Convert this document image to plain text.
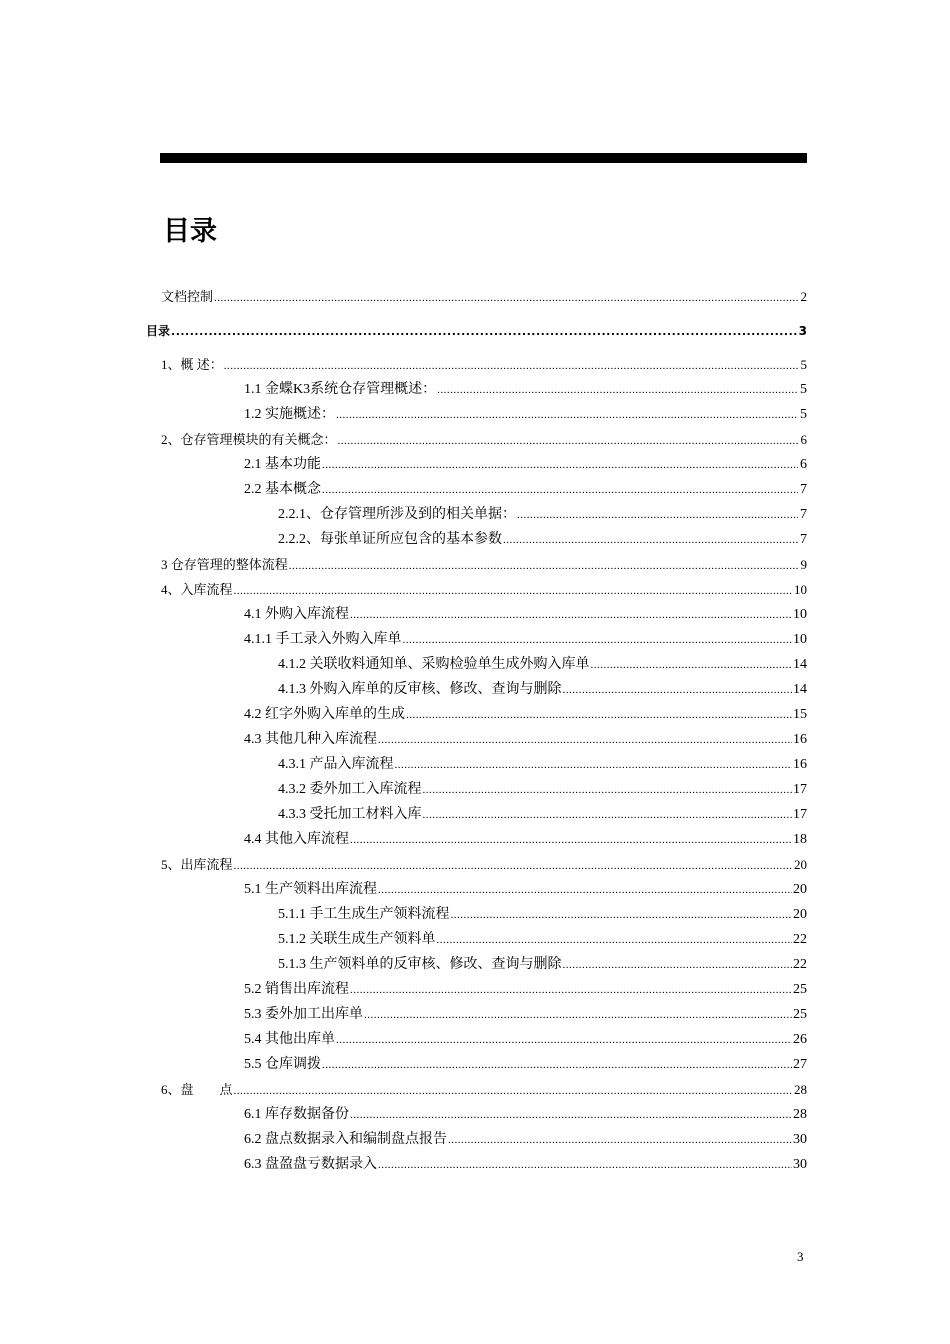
目录
文档控制 .....	2
目录 .....	3
1、概 述： .....	5
1.1 金蝶K3系统仓存管理概述： .....	5
1.2 实施概述： .....	5
2、仓存管理模块的有关概念： .....	6
2.1 基本功能 .....	6
2.2 基本概念 .....	7
2.2.1、仓存管理所涉及到的相关单据： .....	7
2.2.2、每张单证所应包含的基本参数 .....	7
3 仓存管理的整体流程 .....	9
4、入库流程 .....	10
4.1 外购入库流程 .....	10
4.1.1 手工录入外购入库单 .....	10
4.1.2 关联收料通知单、采购检验单生成外购入库单 .....	14
4.1.3 外购入库单的反审核、修改、查询与删除 .....	14
4.2 红字外购入库单的生成 .....	15
4.3 其他几种入库流程 .....	16
4.3.1 产品入库流程 .....	16
4.3.2 委外加工入库流程 .....	17
4.3.3 受托加工材料入库 .....	17
4.4 其他入库流程 .....	18
5、出库流程 .....	20
5.1 生产领料出库流程 .....	20
5.1.1 手工生成生产领料流程 .....	20
5.1.2 关联生成生产领料单 .....	22
5.1.3 生产领料单的反审核、修改、查询与删除 .....	22
5.2 销售出库流程 .....	25
5.3 委外加工出库单 .....	25
5.4 其他出库单 .....	26
5.5 仓库调拨 .....	27
6、盘　　点 .....	28
6.1 库存数据备份 .....	28
6.2 盘点数据录入和编制盘点报告 .....	30
6.3 盘盈盘亏数据录入 .....	30
3
